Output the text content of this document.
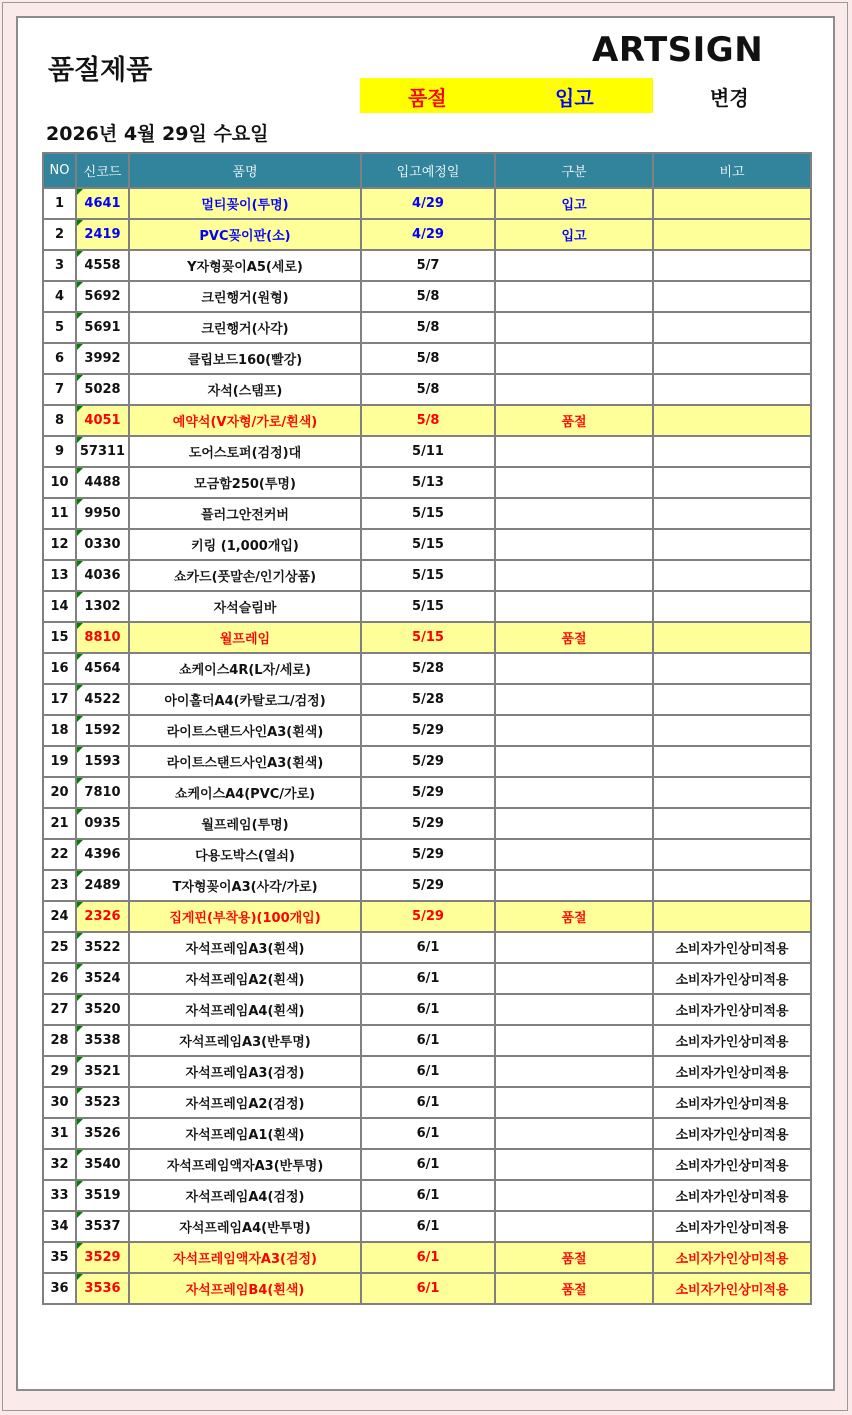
품절제품
ARTSIGN
품절	입고	변경
2026년 4월 29일 수요일
NO	신코드	품명	입고예정일	구분	비고
1	4641	멀티꽂이(투명)	4/29	입고	
2	2419	PVC꽂이판(소)	4/29	입고	
3	4558	Y자형꽂이A5(세로)	5/7		
4	5692	크린행거(원형)	5/8		
5	5691	크린행거(사각)	5/8		
6	3992	클립보드160(빨강)	5/8		
7	5028	자석(스탬프)	5/8		
8	4051	예약석(V자형/가로/흰색)	5/8	품절	
9	57311	도어스토퍼(검정)대	5/11		
10	4488	모금함250(투명)	5/13		
11	9950	플러그안전커버	5/15		
12	0330	키링 (1,000개입)	5/15		
13	4036	쇼카드(풋말손/인기상품)	5/15		
14	1302	자석슬림바	5/15		
15	8810	월프레임	5/15	품절	
16	4564	쇼케이스4R(L자/세로)	5/28		
17	4522	아이홀더A4(카탈로그/검정)	5/28		
18	1592	라이트스탠드사인A3(흰색)	5/29		
19	1593	라이트스탠드사인A3(흰색)	5/29		
20	7810	쇼케이스A4(PVC/가로)	5/29		
21	0935	월프레임(투명)	5/29		
22	4396	다용도박스(열쇠)	5/29		
23	2489	T자형꽂이A3(사각/가로)	5/29		
24	2326	집게핀(부착용)(100개입)	5/29	품절	
25	3522	자석프레임A3(흰색)	6/1		소비자가인상미적용
26	3524	자석프레임A2(흰색)	6/1		소비자가인상미적용
27	3520	자석프레임A4(흰색)	6/1		소비자가인상미적용
28	3538	자석프레임A3(반투명)	6/1		소비자가인상미적용
29	3521	자석프레임A3(검정)	6/1		소비자가인상미적용
30	3523	자석프레임A2(검정)	6/1		소비자가인상미적용
31	3526	자석프레임A1(흰색)	6/1		소비자가인상미적용
32	3540	자석프레임액자A3(반투명)	6/1		소비자가인상미적용
33	3519	자석프레임A4(검정)	6/1		소비자가인상미적용
34	3537	자석프레임A4(반투명)	6/1		소비자가인상미적용
35	3529	자석프레임액자A3(검정)	6/1	품절	소비자가인상미적용
36	3536	자석프레임B4(흰색)	6/1	품절	소비자가인상미적용
